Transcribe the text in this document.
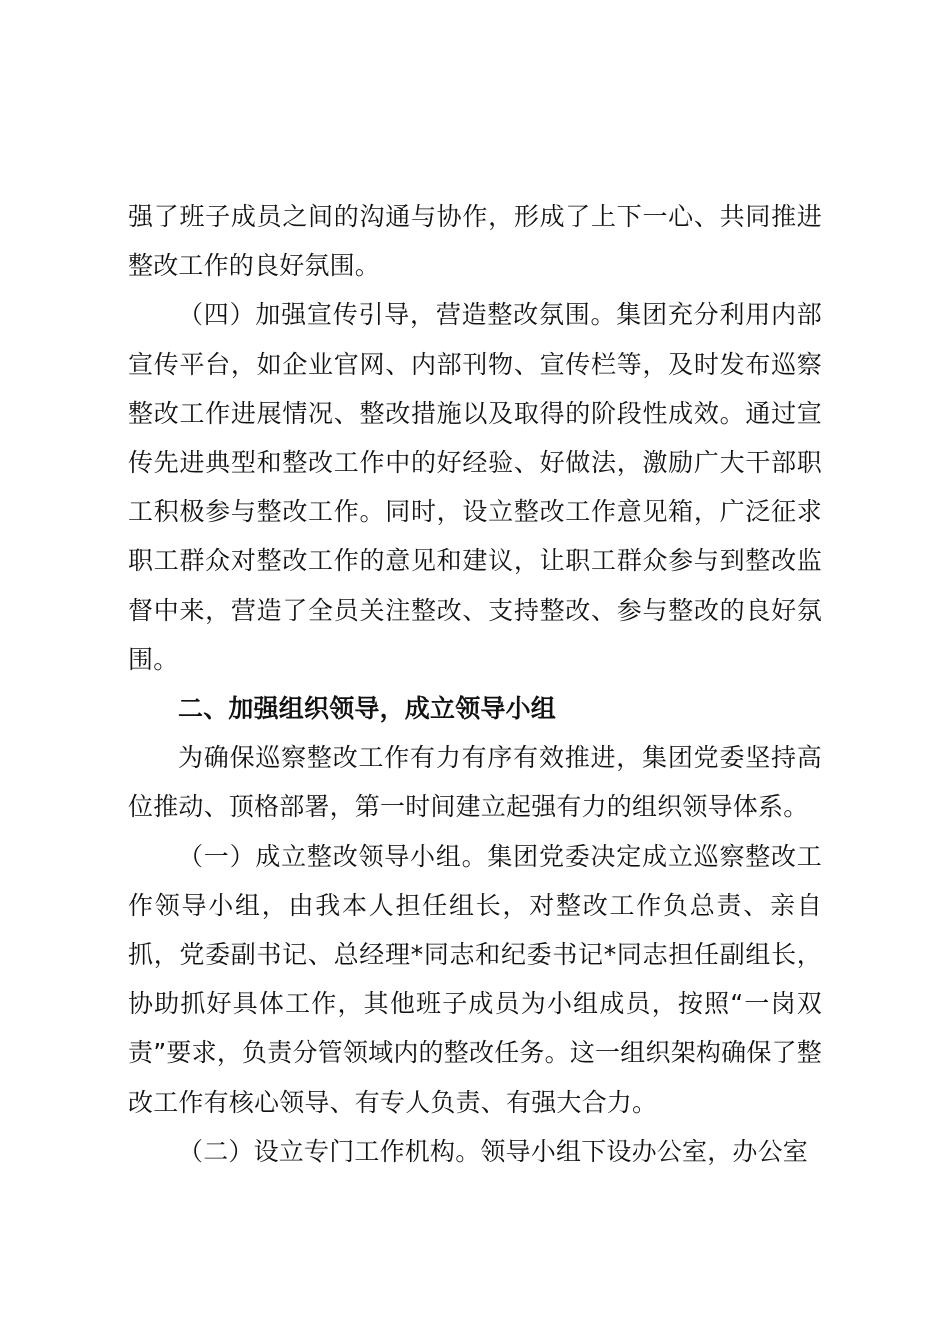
强了班子成员之间的沟通与协作，形成了上下一心、共同推进整改工作的良好氛围。

（四）加强宣传引导，营造整改氛围。集团充分利用内部宣传平台，如企业官网、内部刊物、宣传栏等，及时发布巡察整改工作进展情况、整改措施以及取得的阶段性成效。通过宣传先进典型和整改工作中的好经验、好做法，激励广大干部职工积极参与整改工作。同时，设立整改工作意见箱，广泛征求职工群众对整改工作的意见和建议，让职工群众参与到整改监督中来，营造了全员关注整改、支持整改、参与整改的良好氛围。

二、加强组织领导，成立领导小组

为确保巡察整改工作有力有序有效推进，集团党委坚持高位推动、顶格部署，第一时间建立起强有力的组织领导体系。

（一）成立整改领导小组。集团党委决定成立巡察整改工作领导小组，由我本人担任组长，对整改工作负总责、亲自抓，党委副书记、总经理*同志和纪委书记*同志担任副组长，协助抓好具体工作，其他班子成员为小组成员，按照“一岗双责”要求，负责分管领域内的整改任务。这一组织架构确保了整改工作有核心领导、有专人负责、有强大合力。

（二）设立专门工作机构。领导小组下设办公室，办公室
